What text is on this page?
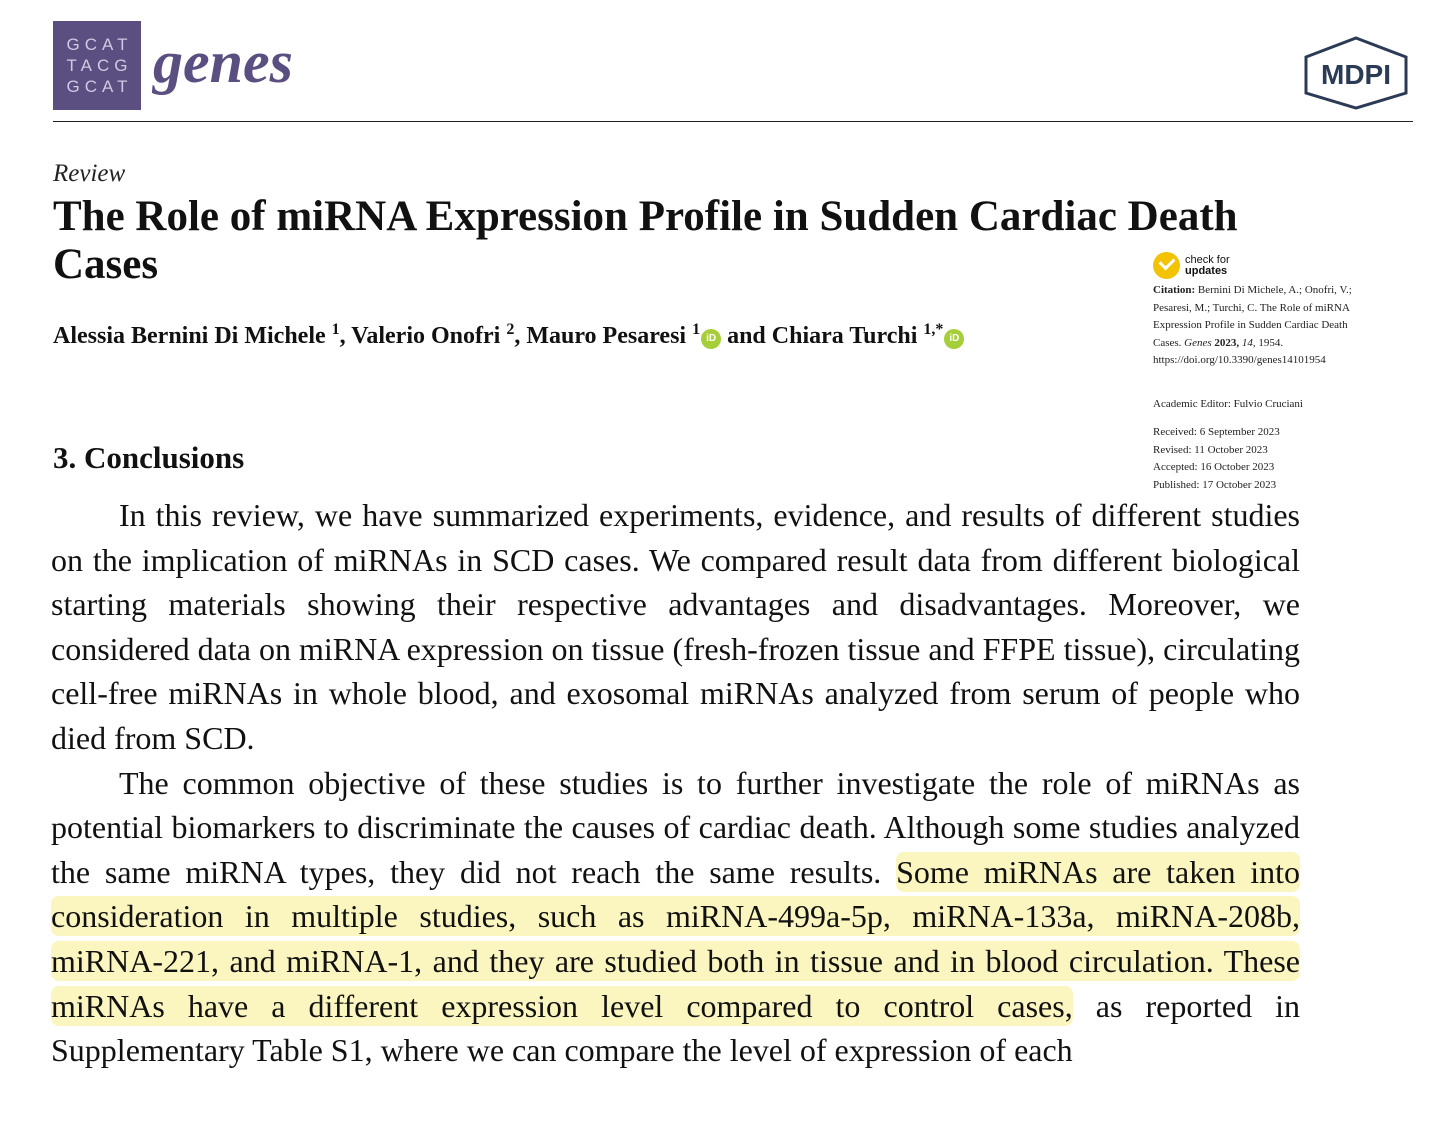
GCAT
TACG
GCAT genes	MDPI
Review
The Role of miRNA Expression Profile in Sudden Cardiac Death Cases
Alessia Bernini Di Michele $^1$, Valerio Onofri $^2$, Mauro Pesaresi $^1$iD and Chiara Turchi $^{1,*}$iD
check for
updates
Citation: Bernini Di Michele, A.; Onofri, V.; Pesaresi, M.; Turchi, C. The Role of miRNA Expression Profile in Sudden Cardiac Death Cases. Genes 2023, 14, 1954. https://doi.org/10.3390/genes14101954
Academic Editor: Fulvio Cruciani
Received: 6 September 2023
Revised: 11 October 2023
Accepted: 16 October 2023
Published: 17 October 2023
3. Conclusions

In this review, we have summarized experiments, evidence, and results of different studies on the implication of miRNAs in SCD cases. We compared result data from different biological starting materials showing their respective advantages and disadvantages. Moreover, we considered data on miRNA expression on tissue (fresh-frozen tissue and FFPE tissue), circulating cell-free miRNAs in whole blood, and exosomal miRNAs analyzed from serum of people who died from SCD.

The common objective of these studies is to further investigate the role of miRNAs as potential biomarkers to discriminate the causes of cardiac death. Although some studies analyzed the same miRNA types, they did not reach the same results. Some miRNAs are taken into consideration in multiple studies, such as miRNA-499a-5p, miRNA-133a, miRNA-208b, miRNA-221, and miRNA-1, and they are studied both in tissue and in blood circulation. These miRNAs have a different expression level compared to control cases, as reported in Supplementary Table S1, where we can compare the level of expression of each
